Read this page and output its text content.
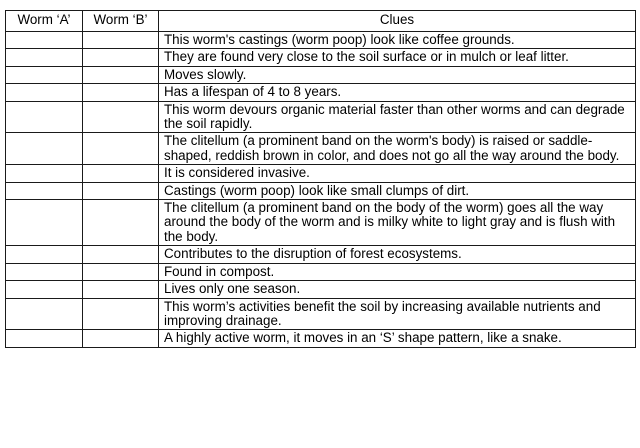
Worm ‘A’	Worm ‘B’	Clues
		This worm's castings (worm poop) look like coffee grounds.
		They are found very close to the soil surface or in mulch or leaf litter.
		Moves slowly.
		Has a lifespan of 4 to 8 years.
		This worm devours organic material faster than other worms and can degrade the soil rapidly.
		The clitellum (a prominent band on the worm's body) is raised or saddle-shaped, reddish brown in color, and does not go all the way around the body.
		It is considered invasive.
		Castings (worm poop) look like small clumps of dirt.
		The clitellum (a prominent band on the body of the worm) goes all the way around the body of the worm and is milky white to light gray and is flush with the body.
		Contributes to the disruption of forest ecosystems.
		Found in compost.
		Lives only one season.
		This worm’s activities benefit the soil by increasing available nutrients and improving drainage.
		A highly active worm, it moves in an ‘S’ shape pattern, like a snake.
